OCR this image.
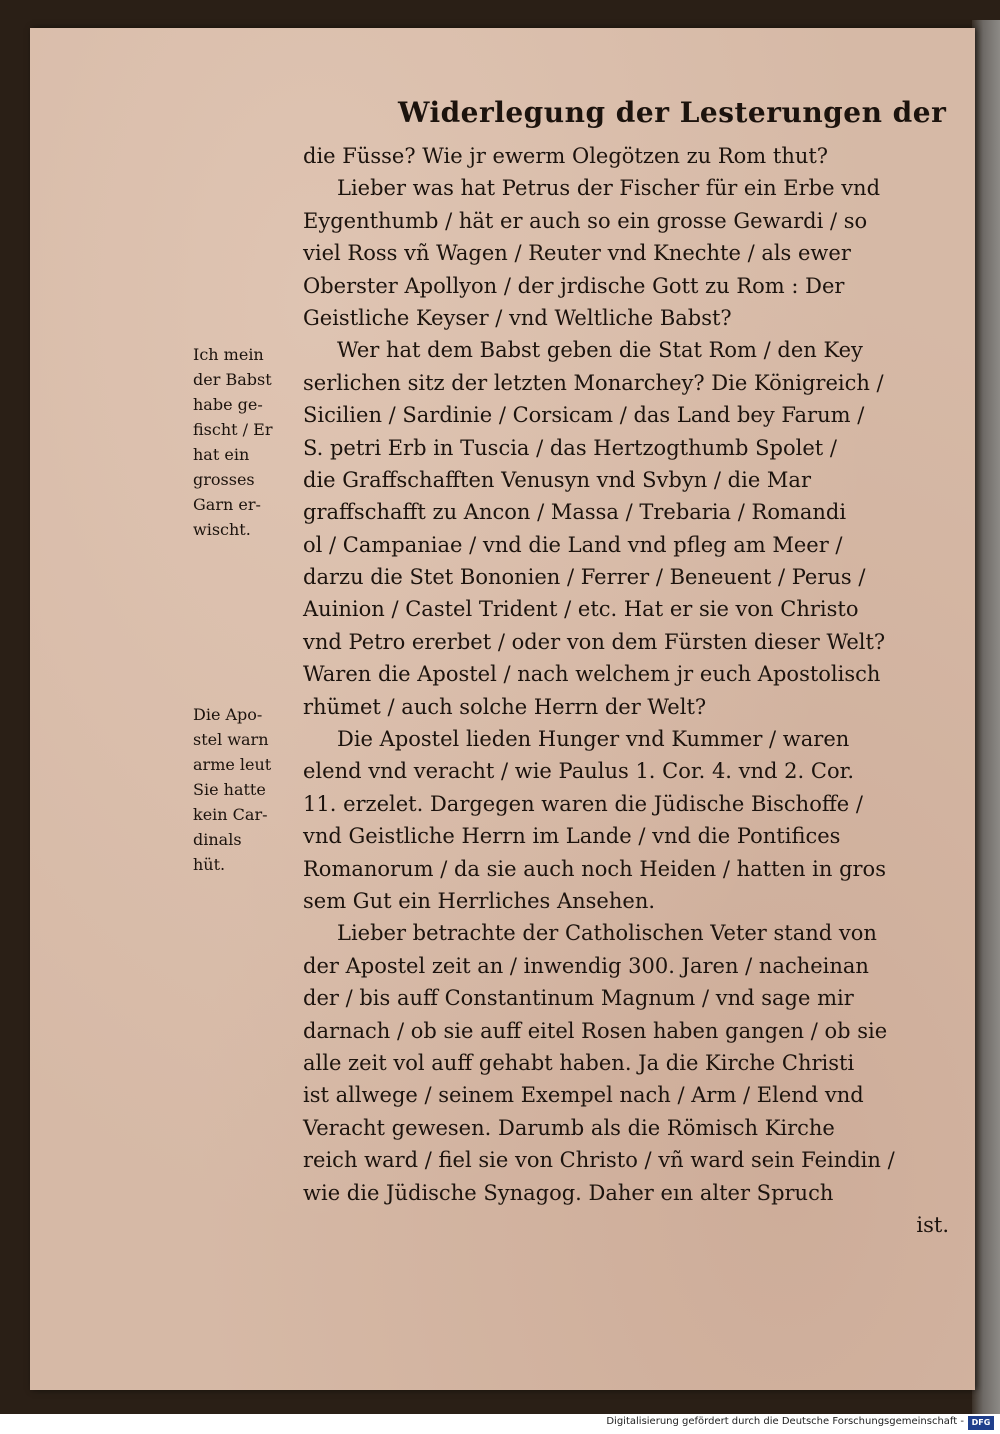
Widerlegung der Lesterungen der
die Füsse? Wie jr ewerm Olegötzen zu Rom thut?
Lieber was hat Petrus der Fischer für ein Erbe vnd
Eygenthumb / hät er auch so ein grosse Gewardi / so
viel Ross vñ Wagen / Reuter vnd Knechte / als ewer
Oberster Apollyon / der jrdische Gott zu Rom : Der
Geistliche Keyser / vnd Weltliche Babst?
Wer hat dem Babst geben die Stat Rom / den Key
serlichen sitz der letzten Monarchey? Die Königreich /
Sicilien / Sardinie / Corsicam / das Land bey Farum /
S. petri Erb in Tuscia / das Hertzogthumb Spolet /
die Graffschafften Venusyn vnd Svbyn / die Mar
graffschafft zu Ancon / Massa / Trebaria / Romandi
ol / Campaniae / vnd die Land vnd pfleg am Meer /
darzu die Stet Bononien / Ferrer / Beneuent / Perus /
Auinion / Castel Trident / etc. Hat er sie von Christo
vnd Petro ererbet / oder von dem Fürsten dieser Welt?
Waren die Apostel / nach welchem jr euch Apostolisch
rhümet / auch solche Herrn der Welt?
Die Apostel lieden Hunger vnd Kummer / waren
elend vnd veracht / wie Paulus 1. Cor. 4. vnd 2. Cor.
11. erzelet. Dargegen waren die Jüdische Bischoffe /
vnd Geistliche Herrn im Lande / vnd die Pontifices
Romanorum / da sie auch noch Heiden / hatten in gros
sem Gut ein Herrliches Ansehen.
Lieber betrachte der Catholischen Veter stand von
der Apostel zeit an / inwendig 300. Jaren / nacheinan
der / bis auff Constantinum Magnum / vnd sage mir
darnach / ob sie auff eitel Rosen haben gangen / ob sie
alle zeit vol auff gehabt haben. Ja die Kirche Christi
ist allwege / seinem Exempel nach / Arm / Elend vnd
Veracht gewesen. Darumb als die Römisch Kirche
reich ward / fiel sie von Christo / vñ ward sein Feindin /
wie die Jüdische Synagog. Daher eın alter Spruch
ist.
Ich mein
der Babst
habe ge-
fischt / Er
hat ein
grosses
Garn er-
wischt.
Die Apo-
stel warn
arme leut
Sie hatte
kein Car-
dinals
hüt.
Digitalisierung gefördert durch die Deutsche Forschungsgemeinschaft - DFG
